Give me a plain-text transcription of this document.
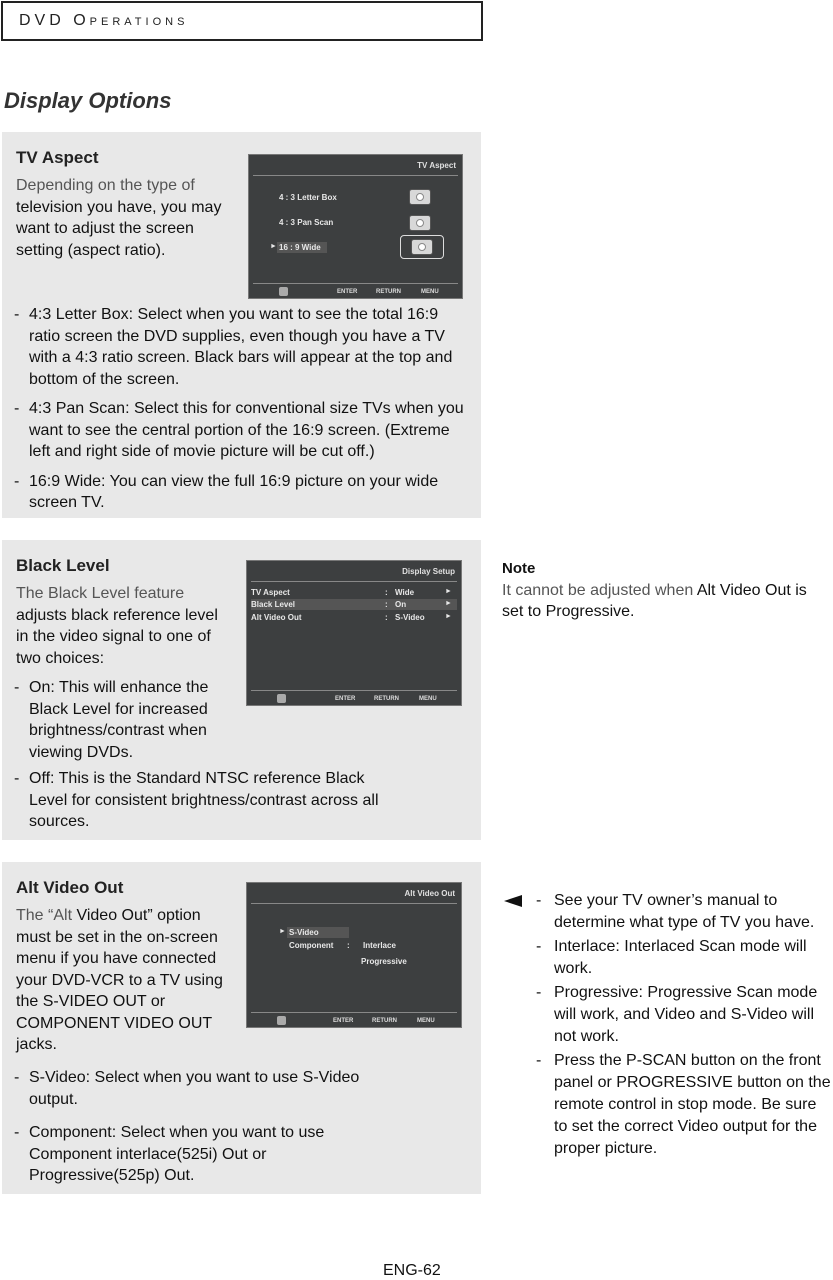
DVD Operations
Display Options
TV Aspect
Depending on the type of
television you have, you may
want to adjust the screen
setting (aspect ratio).
TV Aspect
4 : 3 Letter Box
4 : 3 Pan Scan
► 16 : 9 Wide
ENTER	RETURN	MENU
- 4:3 Letter Box: Select when you want to see the total 16:9 ratio screen the DVD supplies, even though you have a TV with a 4:3 ratio screen. Black bars will appear at the top and bottom of the screen.
- 4:3 Pan Scan: Select this for conventional size TVs when you want to see the central portion of the 16:9 screen. (Extreme left and right side of movie picture will be cut off.)
- 16:9 Wide: You can view the full 16:9 picture on your wide screen TV.
Black Level
The Black Level feature
adjusts black reference level
in the video signal to one of
two choices:
Display Setup
TV Aspect	: Wide	►
Black Level	: On	►
Alt Video Out	: S-Video	►
ENTER	RETURN	MENU
- On: This will enhance the Black Level for increased brightness/contrast when viewing DVDs.
- Off: This is the Standard NTSC reference Black Level for consistent brightness/contrast across all sources.
Note
It cannot be adjusted when Alt Video Out is set to Progressive.
Alt Video Out
The “Alt Video Out” option
must be set in the on-screen
menu if you have connected
your DVD-VCR to a TV using
the S-VIDEO OUT or
COMPONENT VIDEO OUT
jacks.
Alt Video Out
► S-Video
Component : Interlace
Progressive
ENTER	RETURN	MENU
- S-Video: Select when you want to use S-Video output.
- Component: Select when you want to use Component interlace(525i) Out or Progressive(525p) Out.
- See your TV owner’s manual to determine what type of TV you have.
- Interlace: Interlaced Scan mode will work.
- Progressive: Progressive Scan mode will work, and Video and S-Video will not work.
- Press the P-SCAN button on the front panel or PROGRESSIVE button on the remote control in stop mode. Be sure to set the correct Video output for the proper picture.
ENG-62
